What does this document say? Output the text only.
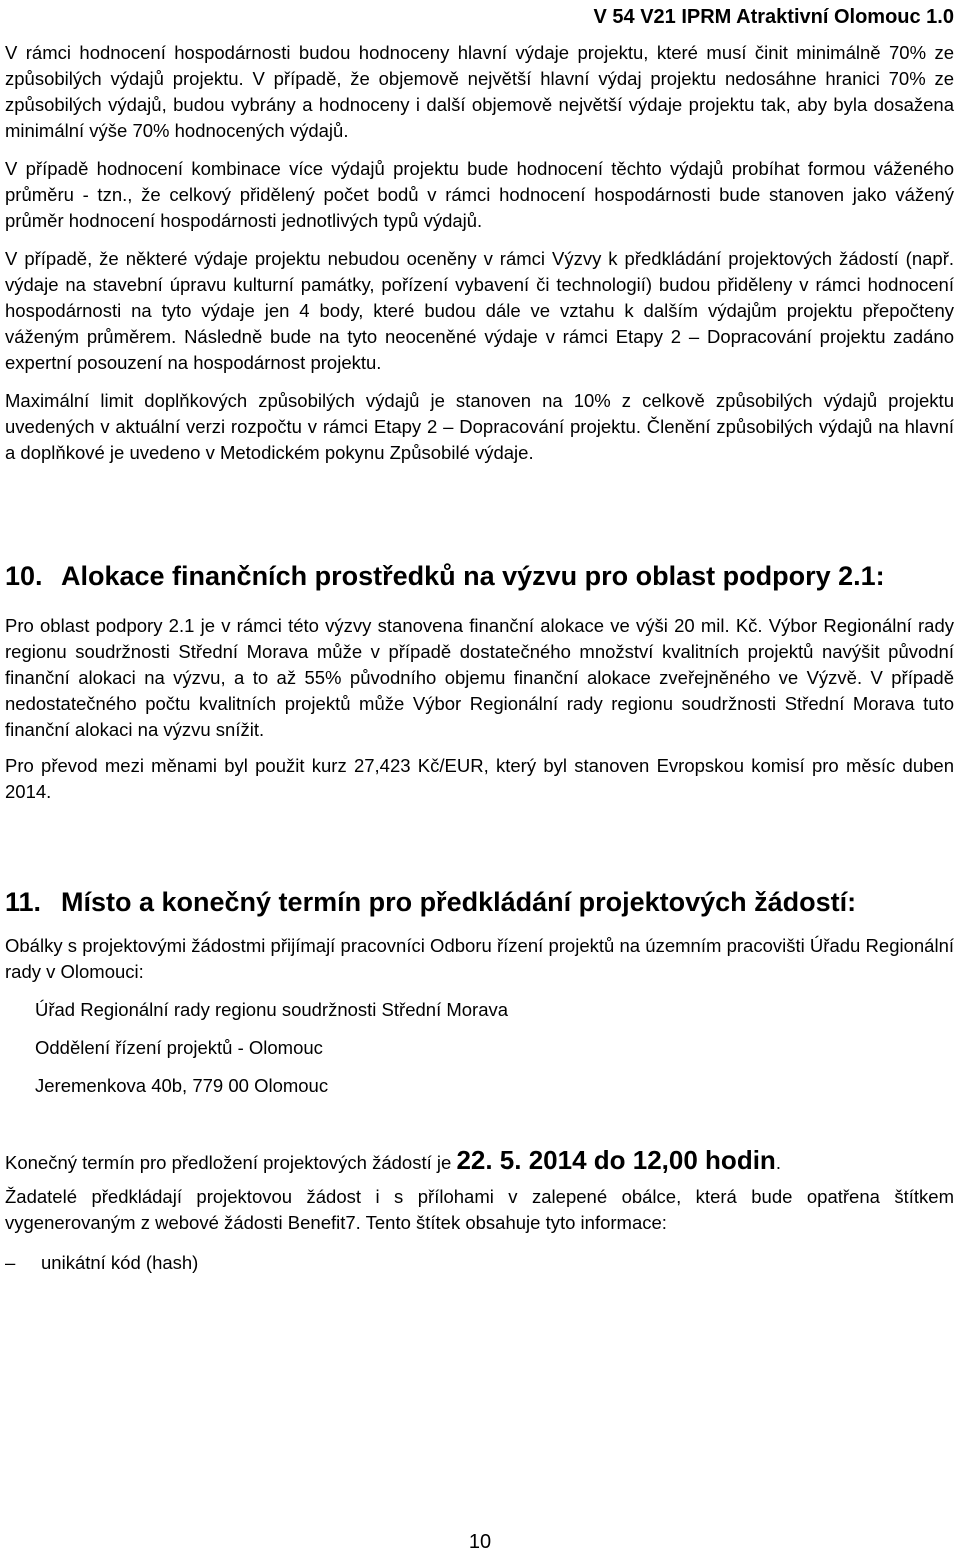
V 54 V21 IPRM Atraktivní Olomouc 1.0

V rámci hodnocení hospodárnosti budou hodnoceny hlavní výdaje projektu, které musí činit minimálně 70% ze způsobilých výdajů projektu. V případě, že objemově největší hlavní výdaj projektu nedosáhne hranici 70% ze způsobilých výdajů, budou vybrány a hodnoceny i další objemově největší výdaje projektu tak, aby byla dosažena minimální výše 70% hodnocených výdajů.

V případě hodnocení kombinace více výdajů projektu bude hodnocení těchto výdajů probíhat formou váženého průměru - tzn., že celkový přidělený počet bodů v rámci hodnocení hospodárnosti bude stanoven jako vážený průměr hodnocení hospodárnosti jednotlivých typů výdajů.

V případě, že některé výdaje projektu nebudou oceněny v rámci Výzvy k předkládání projektových žádostí (např. výdaje na stavební úpravu kulturní památky, pořízení vybavení či technologií) budou přiděleny v rámci hodnocení hospodárnosti na tyto výdaje jen 4 body, které budou dále ve vztahu k dalším výdajům projektu přepočteny váženým průměrem. Následně bude na tyto neoceněné výdaje v rámci Etapy 2 – Dopracování projektu zadáno expertní posouzení na hospodárnost projektu.

Maximální limit doplňkových způsobilých výdajů je stanoven na 10% z celkově způsobilých výdajů projektu uvedených v aktuální verzi rozpočtu v rámci Etapy 2 – Dopracování projektu. Členění způsobilých výdajů na hlavní a doplňkové je uvedeno v Metodickém pokynu Způsobilé výdaje.

10. Alokace finančních prostředků na výzvu pro oblast podpory 2.1:

Pro oblast podpory 2.1 je v rámci této výzvy stanovena finanční alokace ve výši 20 mil. Kč. Výbor Regionální rady regionu soudržnosti Střední Morava může v případě dostatečného množství kvalitních projektů navýšit původní finanční alokaci na výzvu, a to až 55% původního objemu finanční alokace zveřejněného ve Výzvě. V případě nedostatečného počtu kvalitních projektů může Výbor Regionální rady regionu soudržnosti Střední Morava tuto finanční alokaci na výzvu snížit.

Pro převod mezi měnami byl použit kurz 27,423 Kč/EUR, který byl stanoven Evropskou komisí pro měsíc duben 2014.

11. Místo a konečný termín pro předkládání projektových žádostí:

Obálky s projektovými žádostmi přijímají pracovníci Odboru řízení projektů na územním pracovišti Úřadu Regionální rady v Olomouci:

Úřad Regionální rady regionu soudržnosti Střední Morava
Oddělení řízení projektů - Olomouc
Jeremenkova 40b, 779 00 Olomouc
Konečný termín pro předložení projektových žádostí je 22. 5. 2014 do 12,00 hodin.

Žadatelé předkládají projektovou žádost i s přílohami v zalepené obálce, která bude opatřena štítkem vygenerovaným z webové žádosti Benefit7. Tento štítek obsahuje tyto informace:

–	unikátní kód (hash)
10
